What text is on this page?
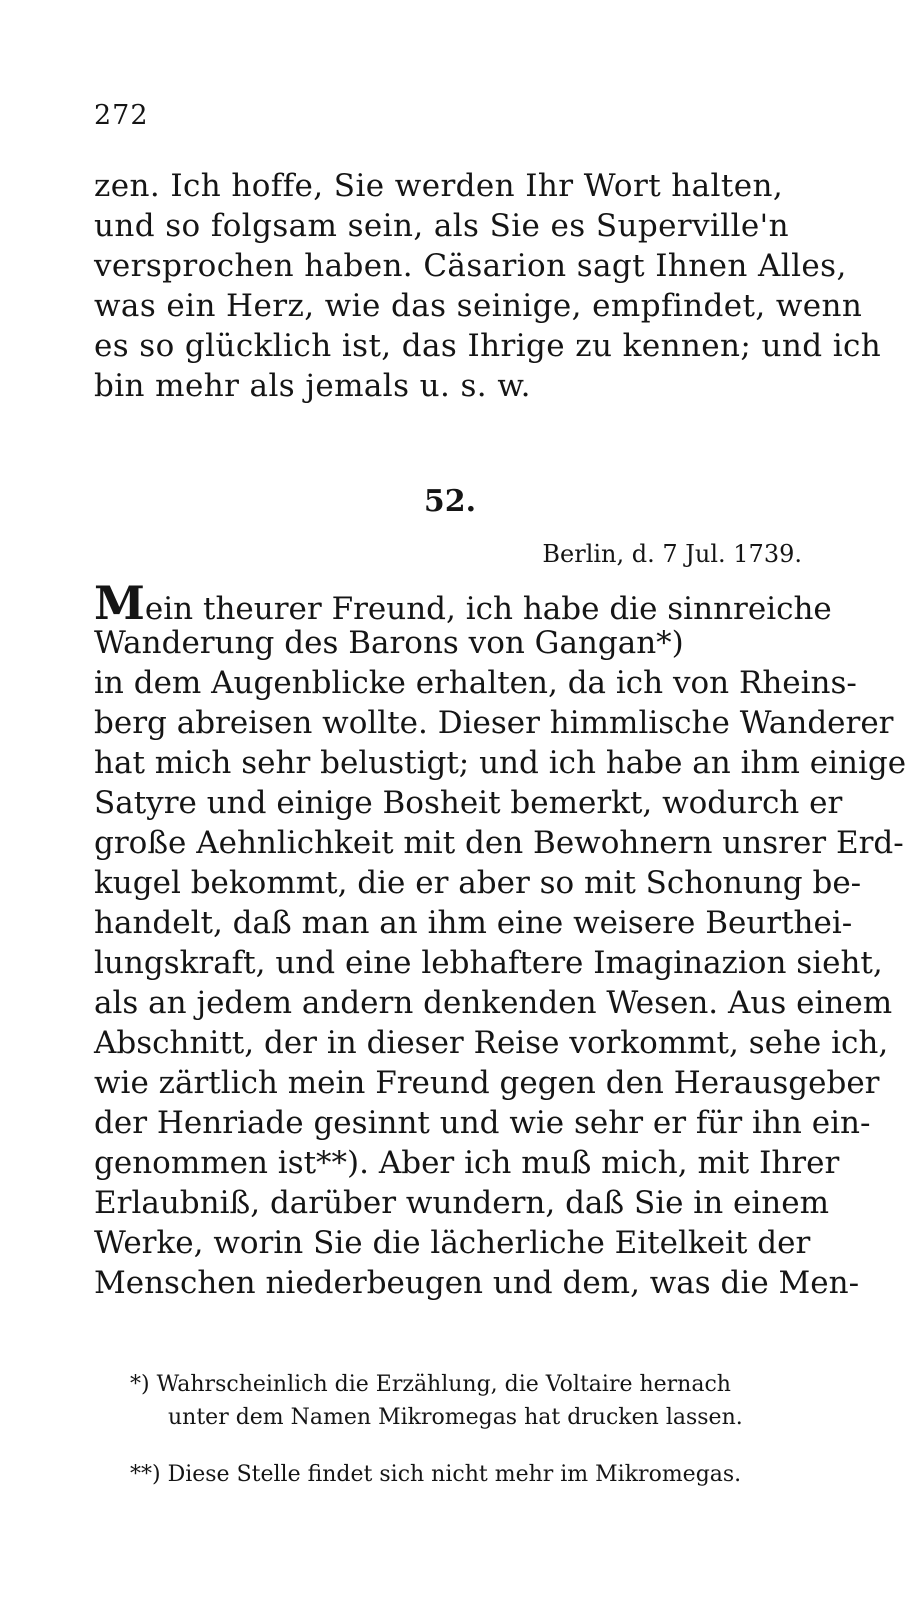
272
zen. Ich hoffe, Sie werden Ihr Wort halten,
und so folgsam sein, als Sie es Superville'n
versprochen haben. Cäsarion sagt Ihnen Alles,
was ein Herz, wie das seinige, empfindet, wenn
es so glücklich ist, das Ihrige zu kennen; und ich
bin mehr als jemals u. s. w.
52.
Berlin, d. 7 Jul. 1739.
Mein theurer Freund, ich habe die sinnreiche
Wanderung des Barons von Gangan*)
in dem Augenblicke erhalten, da ich von Rheins-
berg abreisen wollte. Dieser himmlische Wanderer
hat mich sehr belustigt; und ich habe an ihm einige
Satyre und einige Bosheit bemerkt, wodurch er
große Aehnlichkeit mit den Bewohnern unsrer Erd-
kugel bekommt, die er aber so mit Schonung be-
handelt, daß man an ihm eine weisere Beurthei-
lungskraft, und eine lebhaftere Imaginazion sieht,
als an jedem andern denkenden Wesen. Aus einem
Abschnitt, der in dieser Reise vorkommt, sehe ich,
wie zärtlich mein Freund gegen den Herausgeber
der Henriade gesinnt und wie sehr er für ihn ein-
genommen ist**). Aber ich muß mich, mit Ihrer
Erlaubniß, darüber wundern, daß Sie in einem
Werke, worin Sie die lächerliche Eitelkeit der
Menschen niederbeugen und dem, was die Men-
*) Wahrscheinlich die Erzählung, die Voltaire hernach
unter dem Namen Mikromegas hat drucken lassen.
**) Diese Stelle findet sich nicht mehr im Mikromegas.
